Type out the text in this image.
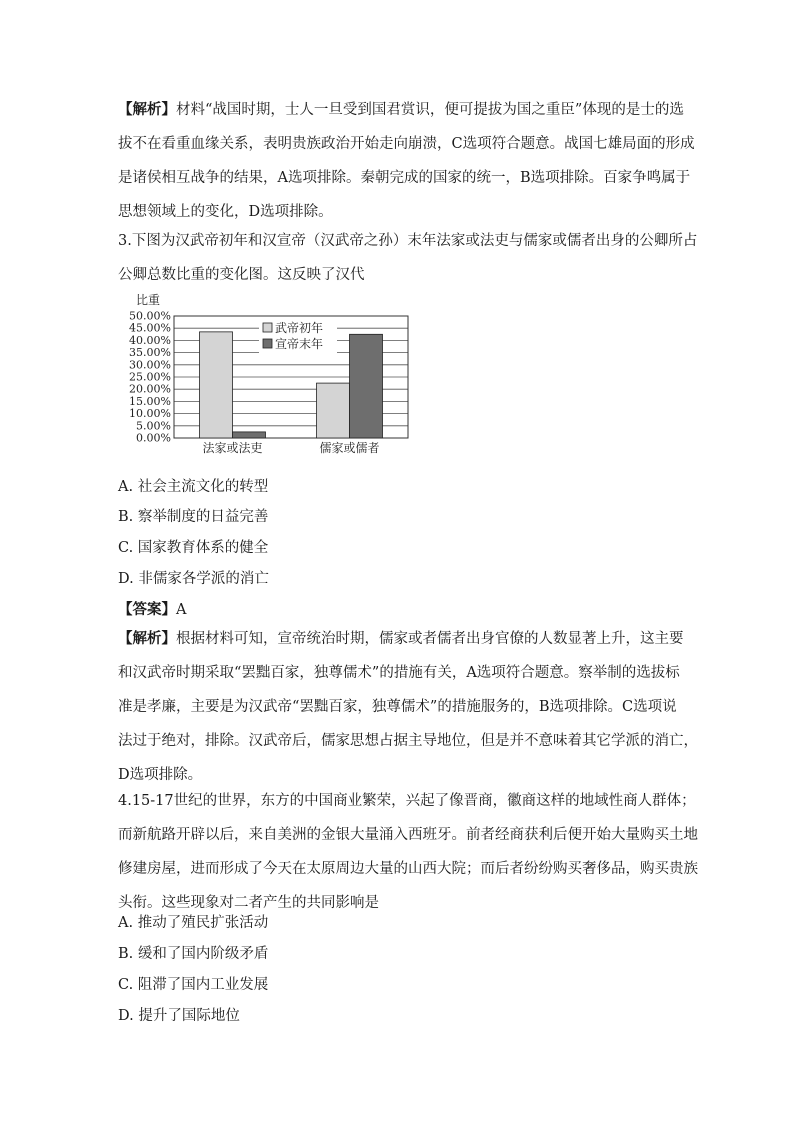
【解析】材料“战国时期，士人一旦受到国君赏识，便可提拔为国之重臣”体现的是士的选
拔不在看重血缘关系，表明贵族政治开始走向崩溃，C选项符合题意。战国七雄局面的形成
是诸侯相互战争的结果，A选项排除。秦朝完成的国家的统一，B选项排除。百家争鸣属于
思想领域上的变化，D选项排除。
3.下图为汉武帝初年和汉宣帝（汉武帝之孙）末年法家或法吏与儒家或儒者出身的公卿所占
公卿总数比重的变化图。这反映了汉代
比重
0.00%
5.00%
10.00%
15.00%
20.00%
25.00%
30.00%
35.00%
40.00%
45.00%
50.00%
法家或法吏	儒家或儒者
武帝初年
宣帝末年
A. 社会主流文化的转型
B. 察举制度的日益完善
C. 国家教育体系的健全
D. 非儒家各学派的消亡
【答案】A
【解析】根据材料可知，宣帝统治时期，儒家或者儒者出身官僚的人数显著上升，这主要
和汉武帝时期采取“罢黜百家，独尊儒术”的措施有关，A选项符合题意。察举制的选拔标
准是孝廉，主要是为汉武帝“罢黜百家，独尊儒术”的措施服务的，B选项排除。C选项说
法过于绝对，排除。汉武帝后，儒家思想占据主导地位，但是并不意味着其它学派的消亡，
D选项排除。
4.15-17世纪的世界，东方的中国商业繁荣，兴起了像晋商，徽商这样的地域性商人群体；
而新航路开辟以后，来自美洲的金银大量涌入西班牙。前者经商获利后便开始大量购买土地
修建房屋，进而形成了今天在太原周边大量的山西大院；而后者纷纷购买奢侈品，购买贵族
头衔。这些现象对二者产生的共同影响是
A. 推动了殖民扩张活动
B. 缓和了国内阶级矛盾
C. 阻滞了国内工业发展
D. 提升了国际地位
